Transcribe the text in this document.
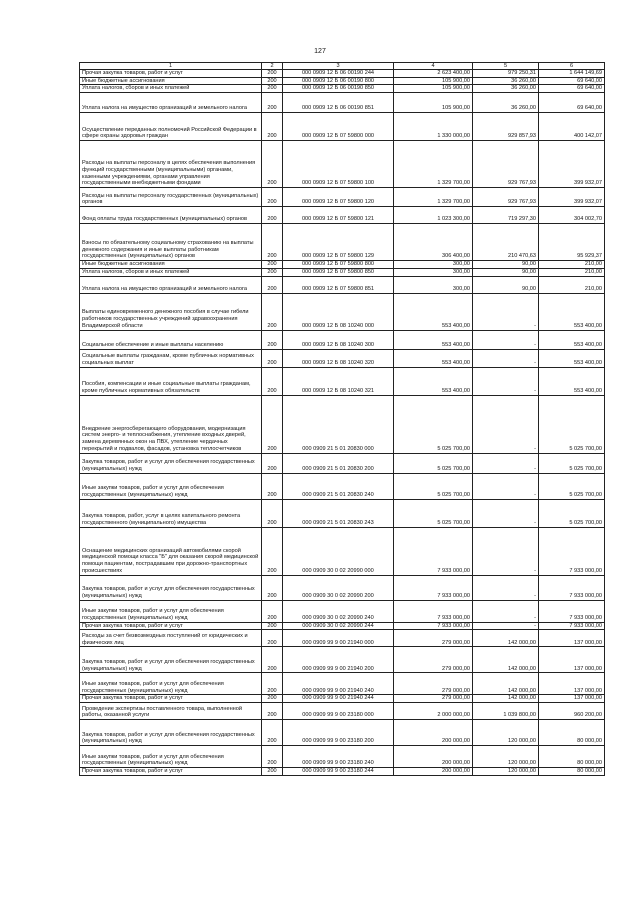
127
1	2	3	4	5	6
Прочая закупка товаров, работ и услуг	200	000 0909 12 Б 06 00190 244	2 623 400,00	979 250,31	1 644 149,69
Иные бюджетные ассигнования	200	000 0909 12 Б 06 00190 800	105 900,00	36 260,00	69 640,00
Уплата налогов, сборов и иных платежей	200	000 0909 12 Б 06 00190 850	105 900,00	36 260,00	69 640,00
Уплата налога на имущество организаций и земельного налога	200	000 0909 12 Б 06 00190 851	105 900,00	36 260,00	69 640,00
Осуществление переданных полномочий Российской Федерации в сфере охраны здоровья граждан	200	000 0909 12 Б 07 59800 000	1 330 000,00	929 857,93	400 142,07
Расходы на выплаты персоналу в целях обеспечения выполнения функций государственными (муниципальными) органами, казенными учреждениями, органами управления государственными внебюджетными фондами	200	000 0909 12 Б 07 59800 100	1 329 700,00	929 767,93	399 932,07
Расходы на выплаты персоналу государственных (муниципальных) органов	200	000 0909 12 Б 07 59800 120	1 329 700,00	929 767,93	399 932,07
Фонд оплаты труда государственных (муниципальных) органов	200	000 0909 12 Б 07 59800 121	1 023 300,00	719 297,30	304 002,70
Взносы по обязательному социальному страхованию на выплаты денежного содержания и иные выплаты работникам государственных (муниципальных) органов	200	000 0909 12 Б 07 59800 129	306 400,00	210 470,63	95 929,37
Иные бюджетные ассигнования	200	000 0909 12 Б 07 59800 800	300,00	90,00	210,00
Уплата налогов, сборов и иных платежей	200	000 0909 12 Б 07 59800 850	300,00	90,00	210,00
Уплата налога на имущество организаций и земельного налога	200	000 0909 12 Б 07 59800 851	300,00	90,00	210,00
Выплаты единовременного денежного пособия в случае гибели работников государственных учреждений здравоохранения Владимирской области	200	000 0909 12 Б 08 10240 000	553 400,00	-	553 400,00
Социальное обеспечение и иные выплаты населению	200	000 0909 12 Б 08 10240 300	553 400,00	-	553 400,00
Социальные выплаты гражданам, кроме публичных нормативных социальных выплат	200	000 0909 12 Б 08 10240 320	553 400,00	-	553 400,00
Пособия, компенсации и иные социальные выплаты гражданам, кроме публичных нормативных обязательств	200	000 0909 12 Б 08 10240 321	553 400,00	-	553 400,00
Внедрение энергосберегающего оборудования, модернизация систем энерго- и теплоснабжения, утепление входных дверей, замена деревянных окон на ПВХ, утепление чердачных перекрытий и подвалов, фасадов, установка теплосчетчиков	200	000 0909 21 5 01 20830 000	5 025 700,00	-	5 025 700,00
Закупка товаров, работ и услуг для обеспечения государственных (муниципальных) нужд	200	000 0909 21 5 01 20830 200	5 025 700,00	-	5 025 700,00
Иные закупки товаров, работ и услуг для обеспечения государственных (муниципальных) нужд	200	000 0909 21 5 01 20830 240	5 025 700,00	-	5 025 700,00
Закупка товаров, работ, услуг в целях капитального ремонта государственного (муниципального) имущества	200	000 0909 21 5 01 20830 243	5 025 700,00	-	5 025 700,00
Оснащение медицинских организаций автомобилями скорой медицинской помощи класса "Б" для оказания скорой медицинской помощи пациентам, пострадавшим при дорожно-транспортных происшествиях	200	000 0909 30 0 02 20990 000	7 933 000,00	-	7 933 000,00
Закупка товаров, работ и услуг для обеспечения государственных (муниципальных) нужд	200	000 0909 30 0 02 20990 200	7 933 000,00	-	7 933 000,00
Иные закупки товаров, работ и услуг для обеспечения государственных (муниципальных) нужд	200	000 0909 30 0 02 20990 240	7 933 000,00	-	7 933 000,00
Прочая закупка товаров, работ и услуг	200	000 0909 30 0 02 20990 244	7 933 000,00	-	7 933 000,00
Расходы за счет безвозмездных поступлений от юридических и физических лиц	200	000 0909 99 9 00 21940 000	279 000,00	142 000,00	137 000,00
Закупка товаров, работ и услуг для обеспечения государственных (муниципальных) нужд	200	000 0909 99 9 00 21940 200	279 000,00	142 000,00	137 000,00
Иные закупки товаров, работ и услуг для обеспечения государственных (муниципальных) нужд	200	000 0909 99 9 00 21940 240	279 000,00	142 000,00	137 000,00
Прочая закупка товаров, работ и услуг	200	000 0909 99 9 00 21940 244	279 000,00	142 000,00	137 000,00
Проведение экспертизы поставленного товара, выполненной работы, оказанной услуги	200	000 0909 99 9 00 23180 000	2 000 000,00	1 039 800,00	960 200,00
Закупка товаров, работ и услуг для обеспечения государственных (муниципальных) нужд	200	000 0909 99 9 00 23180 200	200 000,00	120 000,00	80 000,00
Иные закупки товаров, работ и услуг для обеспечения государственных (муниципальных) нужд	200	000 0909 99 9 00 23180 240	200 000,00	120 000,00	80 000,00
Прочая закупка товаров, работ и услуг	200	000 0909 99 9 00 23180 244	200 000,00	120 000,00	80 000,00
